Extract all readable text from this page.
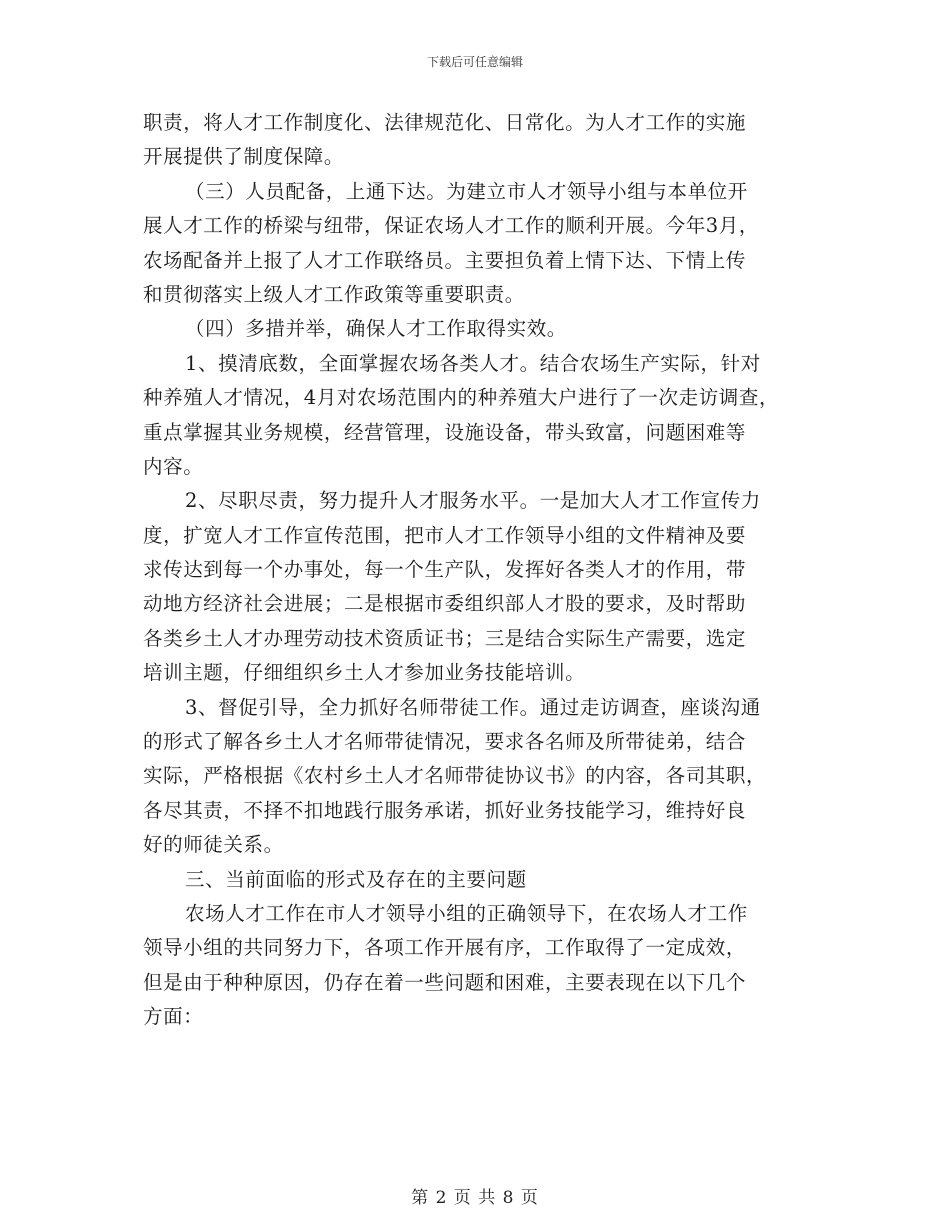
下载后可任意编辑
职责，将人才工作制度化、法律规范化、日常化。为人才工作的实施
开展提供了制度保障。
（三）人员配备，上通下达。为建立市人才领导小组与本单位开
展人才工作的桥梁与纽带，保证农场人才工作的顺利开展。今年3月，
农场配备并上报了人才工作联络员。主要担负着上情下达、下情上传
和贯彻落实上级人才工作政策等重要职责。
（四）多措并举，确保人才工作取得实效。
1、摸清底数，全面掌握农场各类人才。结合农场生产实际，针对
种养殖人才情况，4月对农场范围内的种养殖大户进行了一次走访调查，
重点掌握其业务规模，经营管理，设施设备，带头致富，问题困难等
内容。
2、尽职尽责，努力提升人才服务水平。一是加大人才工作宣传力
度，扩宽人才工作宣传范围，把市人才工作领导小组的文件精神及要
求传达到每一个办事处，每一个生产队，发挥好各类人才的作用，带
动地方经济社会进展；二是根据市委组织部人才股的要求，及时帮助
各类乡土人才办理劳动技术资质证书；三是结合实际生产需要，选定
培训主题，仔细组织乡土人才参加业务技能培训。
3、督促引导，全力抓好名师带徒工作。通过走访调查，座谈沟通
的形式了解各乡土人才名师带徒情况，要求各名师及所带徒弟，结合
实际，严格根据《农村乡土人才名师带徒协议书》的内容，各司其职，
各尽其责，不择不扣地践行服务承诺，抓好业务技能学习，维持好良
好的师徒关系。
三、当前面临的形式及存在的主要问题
农场人才工作在市人才领导小组的正确领导下，在农场人才工作
领导小组的共同努力下，各项工作开展有序，工作取得了一定成效，
但是由于种种原因，仍存在着一些问题和困难，主要表现在以下几个
方面：
第 2 页 共 8 页
